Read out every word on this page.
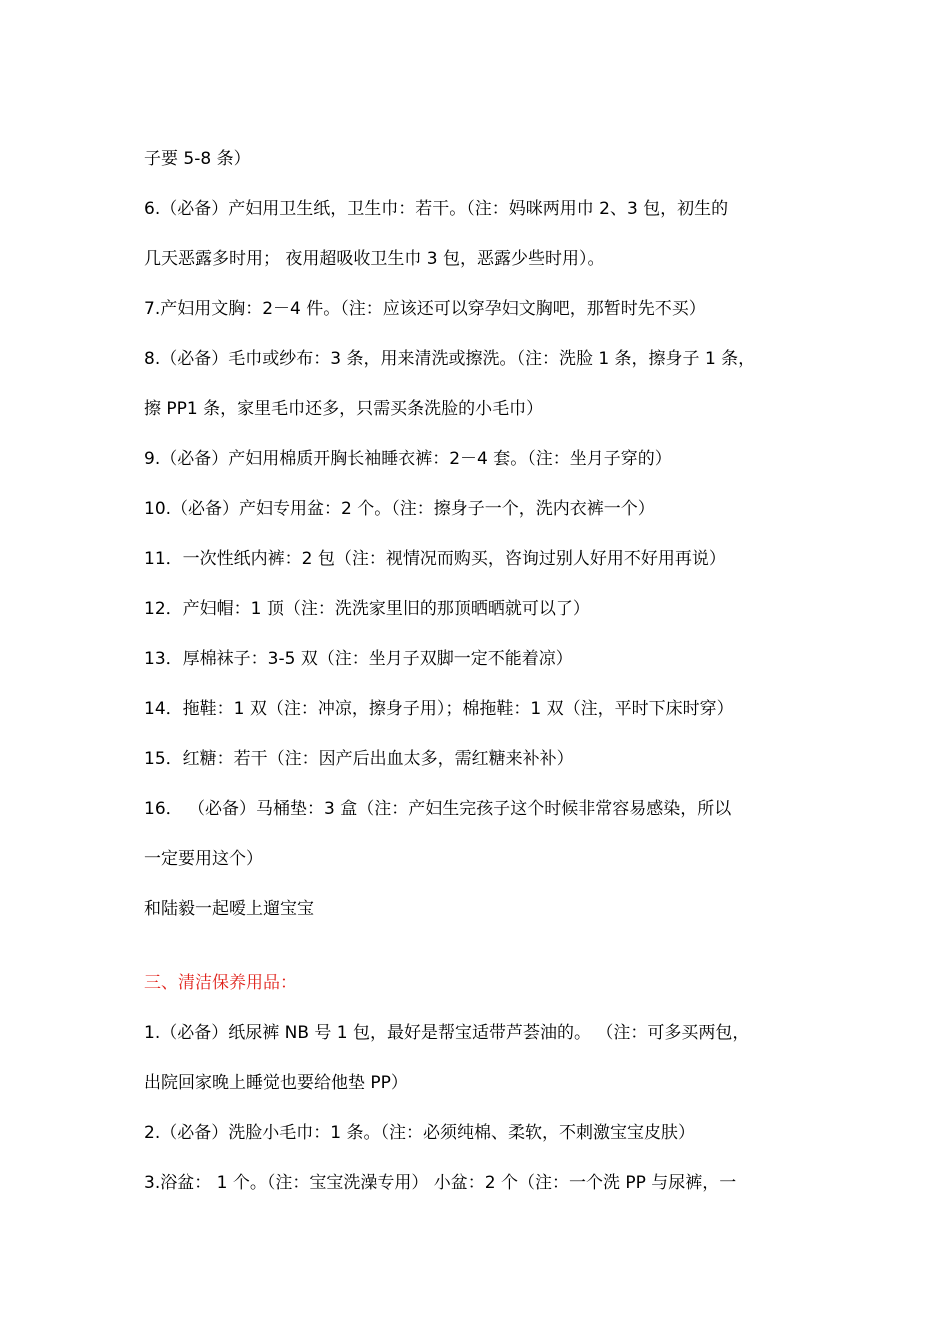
子要 5-8 条）
6.（必备）产妇用卫生纸，卫生巾：若干。（注：妈咪两用巾 2、3 包，初生的
几天恶露多时用； 夜用超吸收卫生巾 3 包，恶露少些时用）。
7.产妇用文胸：2－4 件。（注：应该还可以穿孕妇文胸吧，那暂时先不买）
8.（必备）毛巾或纱布：3 条，用来清洗或擦洗。（注：洗脸 1 条，擦身子 1 条，
擦 PP1 条，家里毛巾还多，只需买条洗脸的小毛巾）
9.（必备）产妇用棉质开胸长袖睡衣裤：2－4 套。（注：坐月子穿的）
10.（必备）产妇专用盆：2 个。（注：擦身子一个，洗内衣裤一个）
11．一次性纸内裤：2 包（注：视情况而购买，咨询过别人好用不好用再说）
12．产妇帽：1 顶（注：洗洗家里旧的那顶晒晒就可以了）
13．厚棉袜子：3-5 双（注：坐月子双脚一定不能着凉）
14．拖鞋：1 双（注：冲凉，擦身子用）；棉拖鞋：1 双（注，平时下床时穿）
15．红糖：若干（注：因产后出血太多，需红糖来补补）
16． （必备）马桶垫：3 盒（注：产妇生完孩子这个时候非常容易感染，所以
一定要用这个）
和陆毅一起嗳上遛宝宝
三、清洁保养用品：
1.（必备）纸尿裤 NB 号 1 包，最好是帮宝适带芦荟油的。 （注：可多买两包，
出院回家晚上睡觉也要给他垫 PP）
2.（必备）洗脸小毛巾：1 条。（注：必须纯棉、柔软，不刺激宝宝皮肤）
3.浴盆： 1 个。（注：宝宝洗澡专用） 小盆：2 个（注：一个洗 PP 与尿裤，一
